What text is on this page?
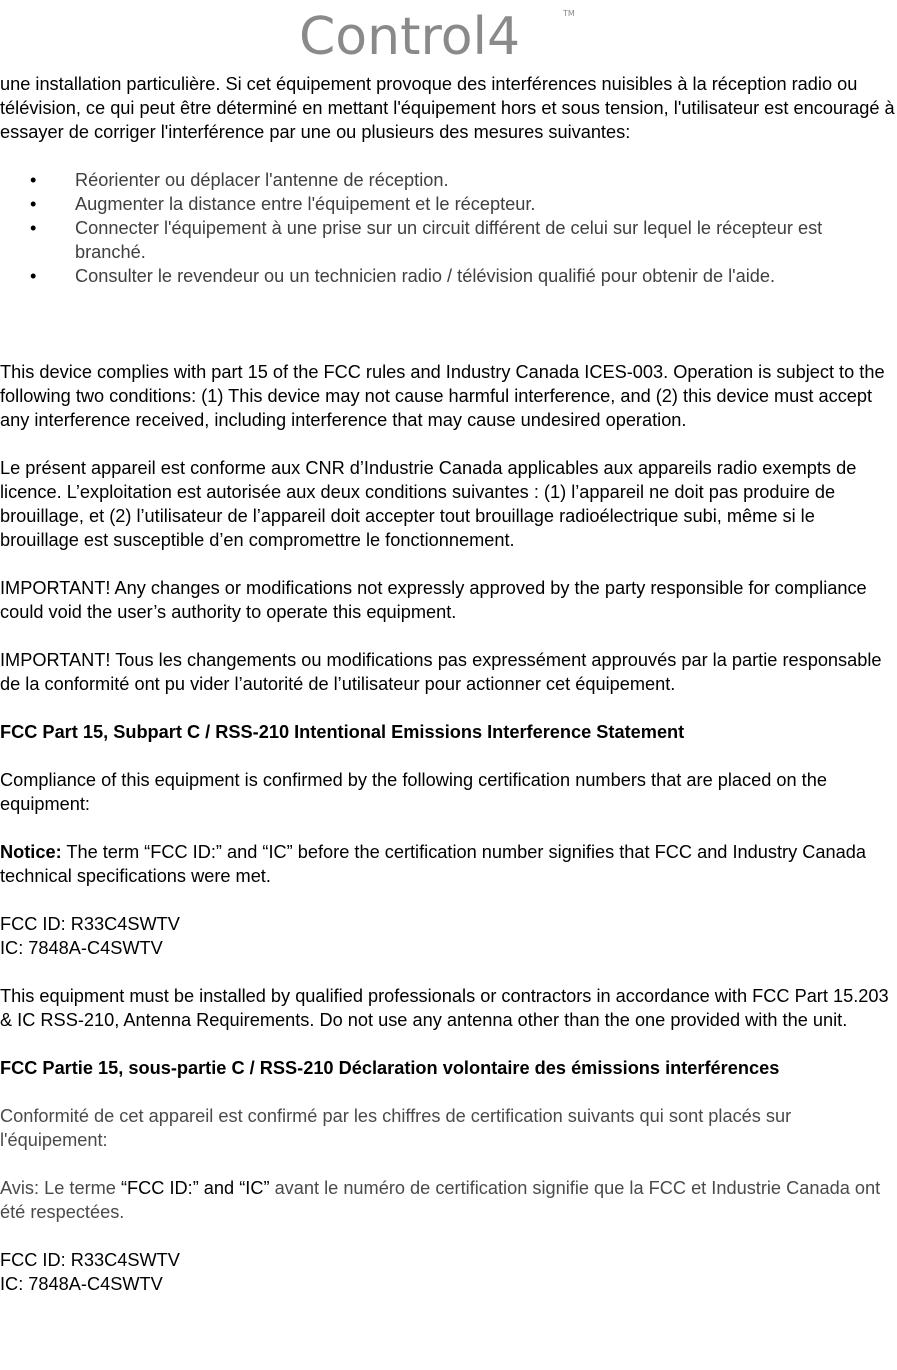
Control4	TM

une installation particulière. Si cet équipement provoque des interférences nuisibles à la réception radio ou télévision, ce qui peut être déterminé en mettant l'équipement hors et sous tension, l'utilisateur est encouragé à essayer de corriger l'interférence par une ou plusieurs des mesures suivantes:

• Réorienter ou déplacer l'antenne de réception.
• Augmenter la distance entre l'équipement et le récepteur.
• Connecter l'équipement à une prise sur un circuit différent de celui sur lequel le récepteur est branché.
• Consulter le revendeur ou un technicien radio / télévision qualifié pour obtenir de l'aide.

This device complies with part 15 of the FCC rules and Industry Canada ICES-003. Operation is subject to the following two conditions: (1) This device may not cause harmful interference, and (2) this device must accept any interference received, including interference that may cause undesired operation.

Le présent appareil est conforme aux CNR d’Industrie Canada applicables aux appareils radio exempts de licence. L’exploitation est autorisée aux deux conditions suivantes : (1) l’appareil ne doit pas produire de brouillage, et (2) l’utilisateur de l’appareil doit accepter tout brouillage radioélectrique subi, même si le brouillage est susceptible d’en compromettre le fonctionnement.

IMPORTANT! Any changes or modifications not expressly approved by the party responsible for compliance could void the user’s authority to operate this equipment.

IMPORTANT! Tous les changements ou modifications pas expressément approuvés par la partie responsable de la conformité ont pu vider l’autorité de l’utilisateur pour actionner cet équipement.

FCC Part 15, Subpart C / RSS-210 Intentional Emissions Interference Statement

Compliance of this equipment is confirmed by the following certification numbers that are placed on the equipment:

Notice: The term “FCC ID:” and “IC” before the certification number signifies that FCC and Industry Canada technical specifications were met.

FCC ID: R33C4SWTV

IC: 7848A-C4SWTV

This equipment must be installed by qualified professionals or contractors in accordance with FCC Part 15.203 & IC RSS-210, Antenna Requirements. Do not use any antenna other than the one provided with the unit.

FCC Partie 15, sous-partie C / RSS-210 Déclaration volontaire des émissions interférences

Conformité de cet appareil est confirmé par les chiffres de certification suivants qui sont placés sur l'équipement:

Avis: Le terme “FCC ID:” and “IC” avant le numéro de certification signifie que la FCC et Industrie Canada ont été respectées.

FCC ID: R33C4SWTV

IC: 7848A-C4SWTV
